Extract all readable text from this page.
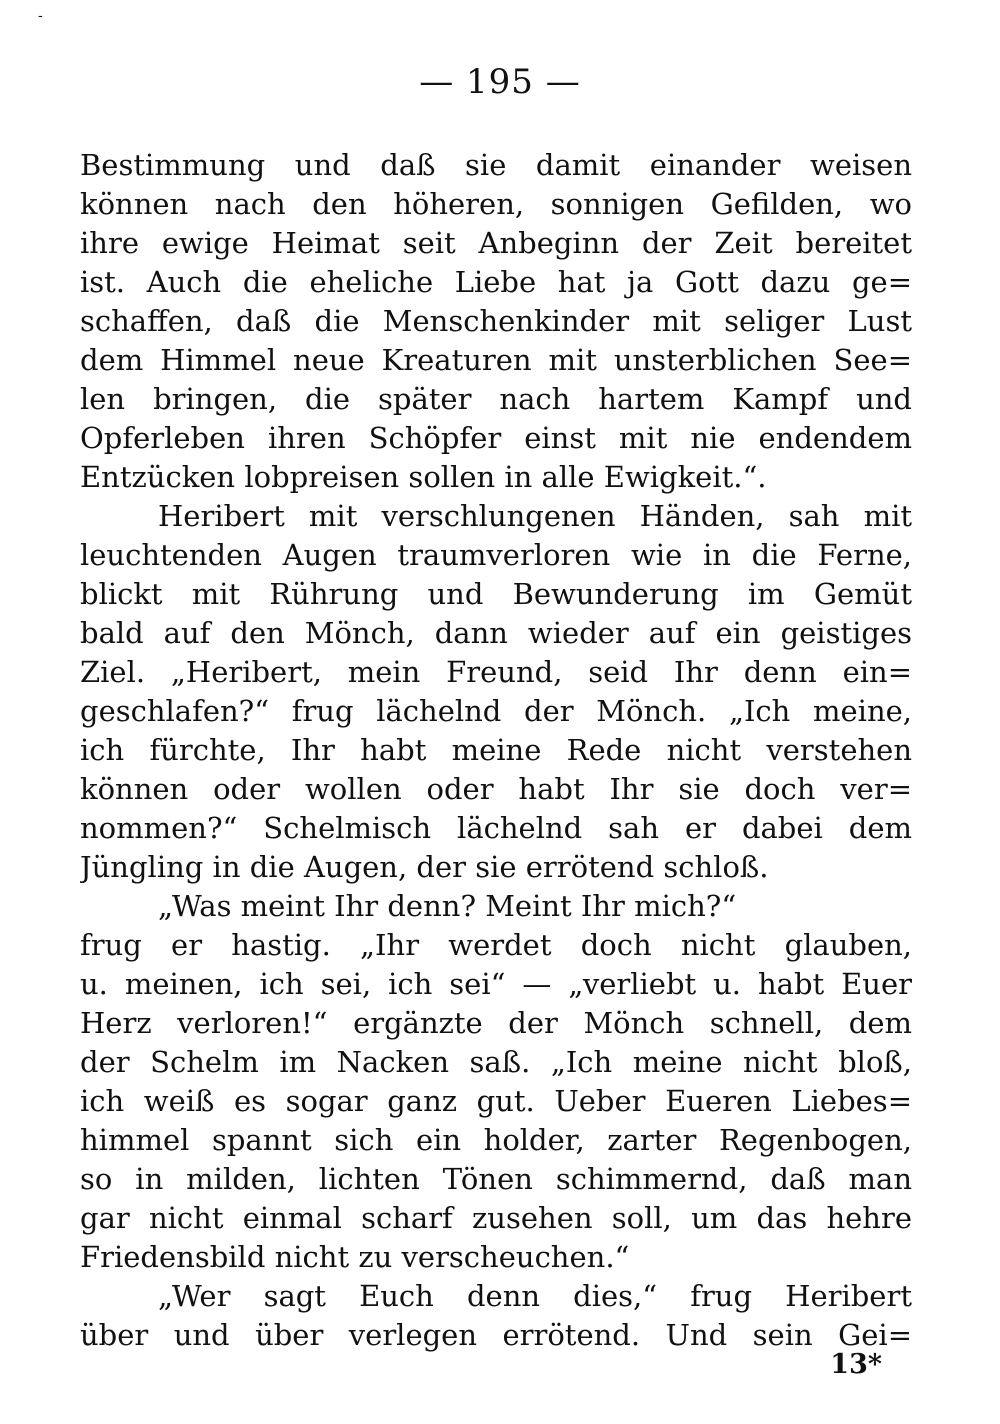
-
— 195 —
Bestimmung und daß sie damit einander weisen
können nach den höheren, sonnigen Gefilden, wo
ihre ewige Heimat seit Anbeginn der Zeit bereitet
ist. Auch die eheliche Liebe hat ja Gott dazu ge=
schaffen, daß die Menschenkinder mit seliger Lust
dem Himmel neue Kreaturen mit unsterblichen See=
len bringen, die später nach hartem Kampf und
Opferleben ihren Schöpfer einst mit nie endendem
Entzücken lobpreisen sollen in alle Ewigkeit.“.
Heribert mit verschlungenen Händen, sah mit
leuchtenden Augen traumverloren wie in die Ferne,
blickt mit Rührung und Bewunderung im Gemüt
bald auf den Mönch, dann wieder auf ein geistiges
Ziel. „Heribert, mein Freund, seid Ihr denn ein=
geschlafen?“ frug lächelnd der Mönch. „Ich meine,
ich fürchte, Ihr habt meine Rede nicht verstehen
können oder wollen oder habt Ihr sie doch ver=
nommen?“ Schelmisch lächelnd sah er dabei dem
Jüngling in die Augen, der sie errötend schloß.
„Was meint Ihr denn? Meint Ihr mich?“
frug er hastig. „Ihr werdet doch nicht glauben,
u. meinen, ich sei, ich sei“ — „verliebt u. habt Euer
Herz verloren!“ ergänzte der Mönch schnell, dem
der Schelm im Nacken saß. „Ich meine nicht bloß,
ich weiß es sogar ganz gut. Ueber Eueren Liebes=
himmel spannt sich ein holder, zarter Regenbogen,
so in milden, lichten Tönen schimmernd, daß man
gar nicht einmal scharf zusehen soll, um das hehre
Friedensbild nicht zu verscheuchen.“
„Wer sagt Euch denn dies,“ frug Heribert
über und über verlegen errötend. Und sein Gei=
13*
